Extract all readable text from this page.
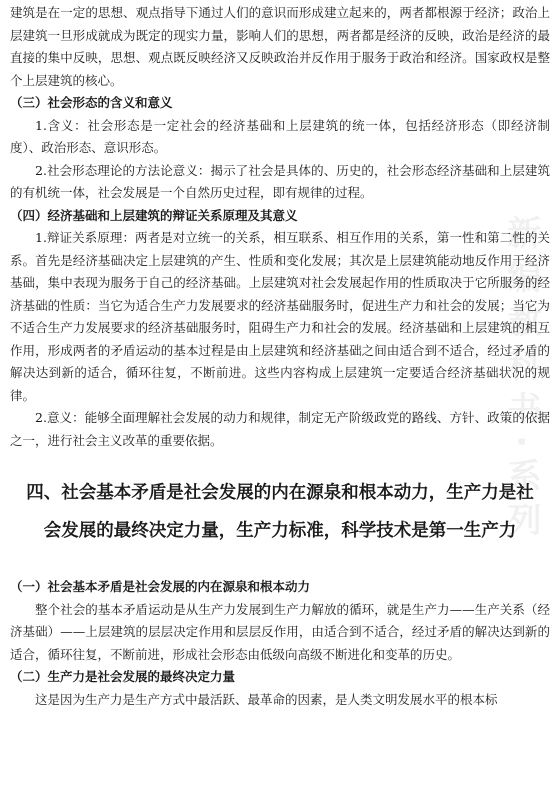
新编教科书·系列

建筑是在一定的思想、观点指导下通过人们的意识而形成建立起来的，两者都根源于经济；政治上层建筑一旦形成就成为既定的现实力量，影响人们的思想，两者都是经济的反映，政治是经济的最直接的集中反映，思想、观点既反映经济又反映政治并反作用于服务于政治和经济。国家政权是整个上层建筑的核心。

（三）社会形态的含义和意义

1.含义：社会形态是一定社会的经济基础和上层建筑的统一体，包括经济形态（即经济制度）、政治形态、意识形态。

2.社会形态理论的方法论意义：揭示了社会是具体的、历史的，社会形态经济基础和上层建筑的有机统一体，社会发展是一个自然历史过程，即有规律的过程。

（四）经济基础和上层建筑的辩证关系原理及其意义

1.辩证关系原理：两者是对立统一的关系，相互联系、相互作用的关系，第一性和第二性的关系。首先是经济基础决定上层建筑的产生、性质和变化发展；其次是上层建筑能动地反作用于经济基础，集中表现为服务于自己的经济基础。上层建筑对社会发展起作用的性质取决于它所服务的经济基础的性质：当它为适合生产力发展要求的经济基础服务时，促进生产力和社会的发展；当它为不适合生产力发展要求的经济基础服务时，阻碍生产力和社会的发展。经济基础和上层建筑的相互作用，形成两者的矛盾运动的基本过程是由上层建筑和经济基础之间由适合到不适合，经过矛盾的解决达到新的适合，循环往复，不断前进。这些内容构成上层建筑一定要适合经济基础状况的规律。

2.意义：能够全面理解社会发展的动力和规律，制定无产阶级政党的路线、方针、政策的依据之一，进行社会主义改革的重要依据。

四、社会基本矛盾是社会发展的内在源泉和根本动力，生产力是社
会发展的最终决定力量，生产力标准，科学技术是第一生产力
（一）社会基本矛盾是社会发展的内在源泉和根本动力

整个社会的基本矛盾运动是从生产力发展到生产力解放的循环，就是生产力——生产关系（经济基础）——上层建筑的层层决定作用和层层反作用，由适合到不适合，经过矛盾的解决达到新的适合，循环往复，不断前进，形成社会形态由低级向高级不断进化和变革的历史。

（二）生产力是社会发展的最终决定力量

这是因为生产力是生产方式中最活跃、最革命的因素，是人类文明发展水平的根本标
